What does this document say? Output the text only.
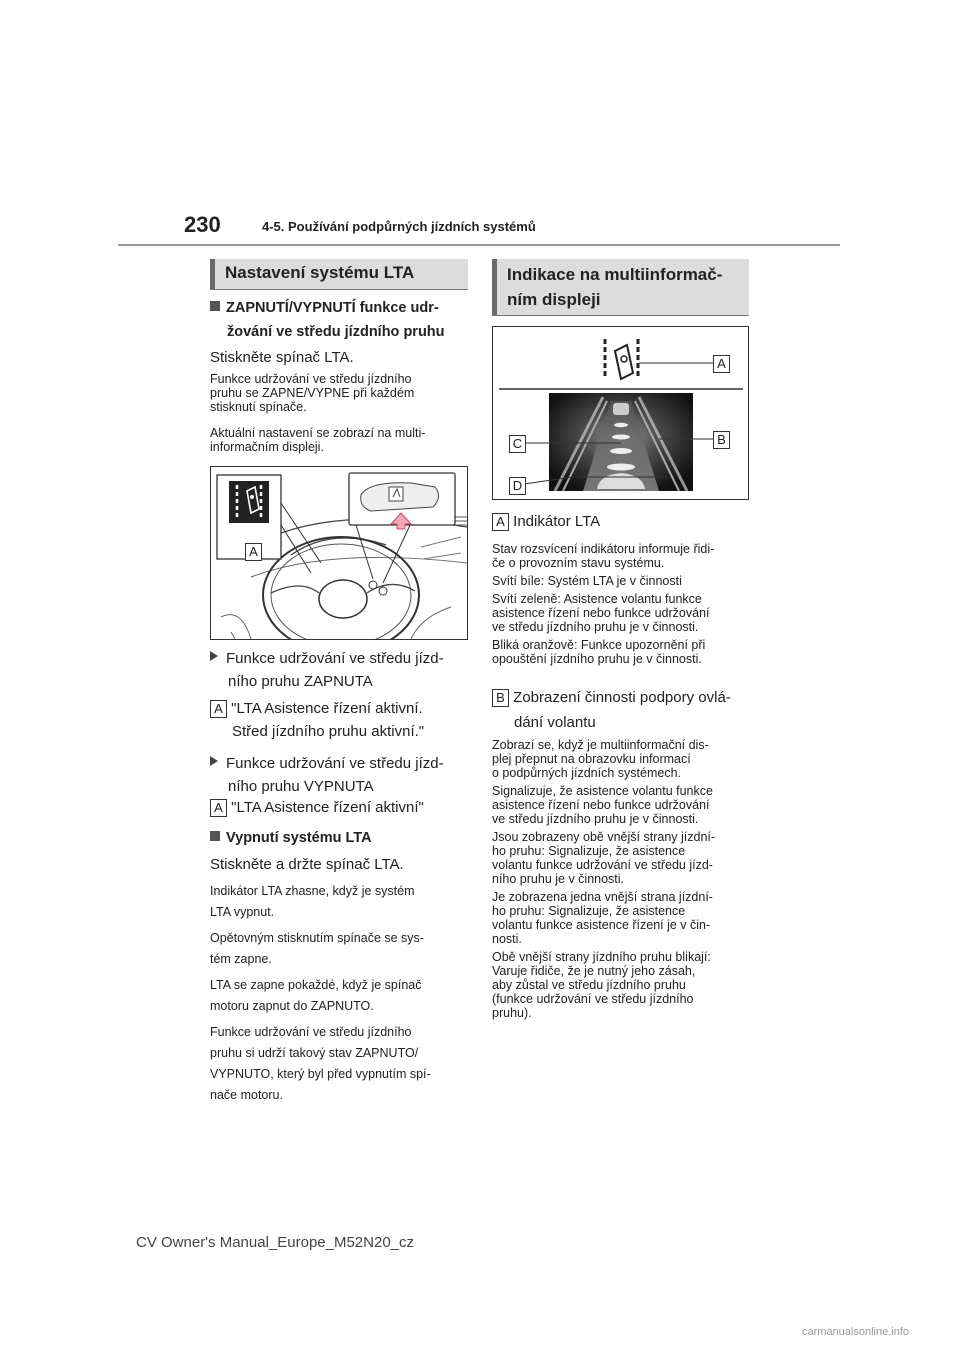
230	4-5. Používání podpůrných jízdních systémů
Nastavení systému LTA
ZAPNUTÍ/VYPNUTÍ funkce udr-
žování ve středu jízdního pruhu
Stiskněte spínač LTA.
Funkce udržování ve středu jízdního
pruhu se ZAPNE/VYPNE při každém
stisknutí spínače.
Aktuální nastavení se zobrazí na multi-
informačním displeji.
A
Funkce udržování ve středu jízd-
ního pruhu ZAPNUTA
A "LTA Asistence řízení aktivní.
Střed jízdního pruhu aktivní."
Funkce udržování ve středu jízd-
ního pruhu VYPNUTA
A "LTA Asistence řízení aktivní"
Vypnutí systému LTA
Stiskněte a držte spínač LTA.
Indikátor LTA zhasne, když je systém
LTA vypnut.
Opětovným stisknutím spínače se sys-
tém zapne.
LTA se zapne pokaždé, když je spínač
motoru zapnut do ZAPNUTO.
Funkce udržování ve středu jízdního
pruhu si udrží takový stav ZAPNUTO/
VYPNUTO, který byl před vypnutím spí-
nače motoru.
Indikace na multiinformač-
ním displeji
A
B
C
D
A Indikátor LTA
Stav rozsvícení indikátoru informuje řidi-
če o provozním stavu systému.
Svítí bíle: Systém LTA je v činnosti
Svítí zeleně: Asistence volantu funkce
asistence řízení nebo funkce udržování
ve středu jízdního pruhu je v činnosti.
Bliká oranžově: Funkce upozornění při
opouštění jízdního pruhu je v činnosti.
B Zobrazení činnosti podpory ovlá-
dání volantu
Zobrazí se, když je multiinformační dis-
plej přepnut na obrazovku informací
o podpůrných jízdních systémech.
Signalizuje, že asistence volantu funkce
asistence řízení nebo funkce udržování
ve středu jízdního pruhu je v činnosti.
Jsou zobrazeny obě vnější strany jízdní-
ho pruhu: Signalizuje, že asistence
volantu funkce udržování ve středu jízd-
ního pruhu je v činnosti.
Je zobrazena jedna vnější strana jízdní-
ho pruhu: Signalizuje, že asistence
volantu funkce asistence řízení je v čin-
nosti.
Obě vnější strany jízdního pruhu blikají:
Varuje řidiče, že je nutný jeho zásah,
aby zůstal ve středu jízdního pruhu
(funkce udržování ve středu jízdního
pruhu).
CV Owner's Manual_Europe_M52N20_cz
carmanualsonline.info
